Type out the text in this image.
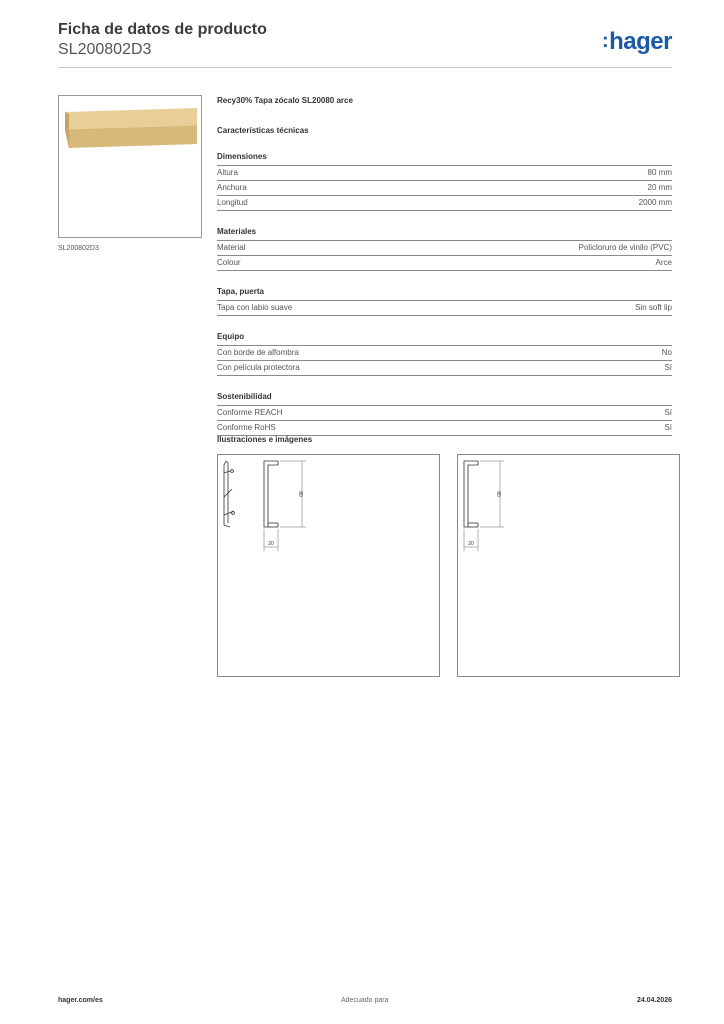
Ficha de datos de producto
SL200802D3	:hager
SL200802D3
Recy30% Tapa zócalo SL20080 arce
Características técnicas
Dimensiones
Altura	80 mm
Anchura	20 mm
Longitud	2000 mm
Materiales
Material	Policloruro de vinilo (PVC)
Colour	Arce
Tapa, puerta
Tapa con labio suave	Sin soft lip
Equipo
Con borde de alfombra	No
Con película protectora	Sí
Sostenibilidad
Conforme REACH	Sí
Conforme RoHS	Sí
Ilustraciones e imágenes
80
20
80
20
hager.com/es	Adecuado para	24.04.2026
